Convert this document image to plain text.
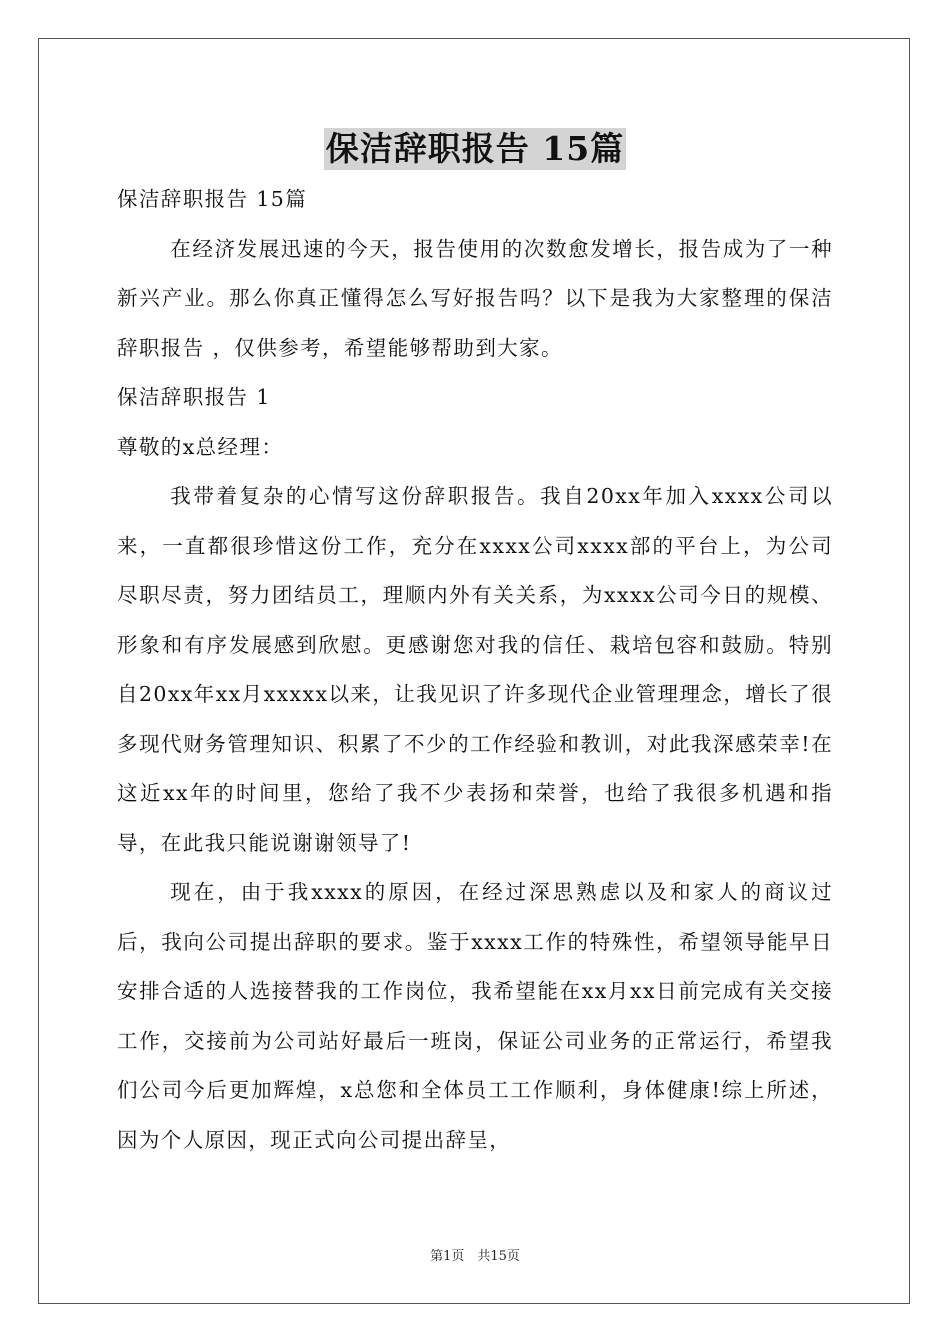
保洁辞职报告 15篇

保洁辞职报告 15篇

在经济发展迅速的今天，报告使用的次数愈发增长，报告成为了一种新兴产业。那么你真正懂得怎么写好报告吗？以下是我为大家整理的保洁辞职报告 ，仅供参考，希望能够帮助到大家。

保洁辞职报告 1

尊敬的x总经理：

我带着复杂的心情写这份辞职报告。我自20xx年加入xxxx公司以来，一直都很珍惜这份工作，充分在xxxx公司xxxx部的平台上，为公司尽职尽责，努力团结员工，理顺内外有关关系，为xxxx公司今日的规模、形象和有序发展感到欣慰。更感谢您对我的信任、栽培包容和鼓励。特别自20xx年xx月xxxxx以来，让我见识了许多现代企业管理理念，增长了很多现代财务管理知识、积累了不少的工作经验和教训，对此我深感荣幸!在这近xx年的时间里，您给了我不少表扬和荣誉，也给了我很多机遇和指导，在此我只能说谢谢领导了!

现在，由于我xxxx的原因，在经过深思熟虑以及和家人的商议过后，我向公司提出辞职的要求。鉴于xxxx工作的特殊性，希望领导能早日安排合适的人选接替我的工作岗位，我希望能在xx月xx日前完成有关交接工作，交接前为公司站好最后一班岗，保证公司业务的正常运行，希望我们公司今后更加辉煌，x总您和全体员工工作顺利，身体健康!综上所述，因为个人原因，现正式向公司提出辞呈，

第1页　共15页
